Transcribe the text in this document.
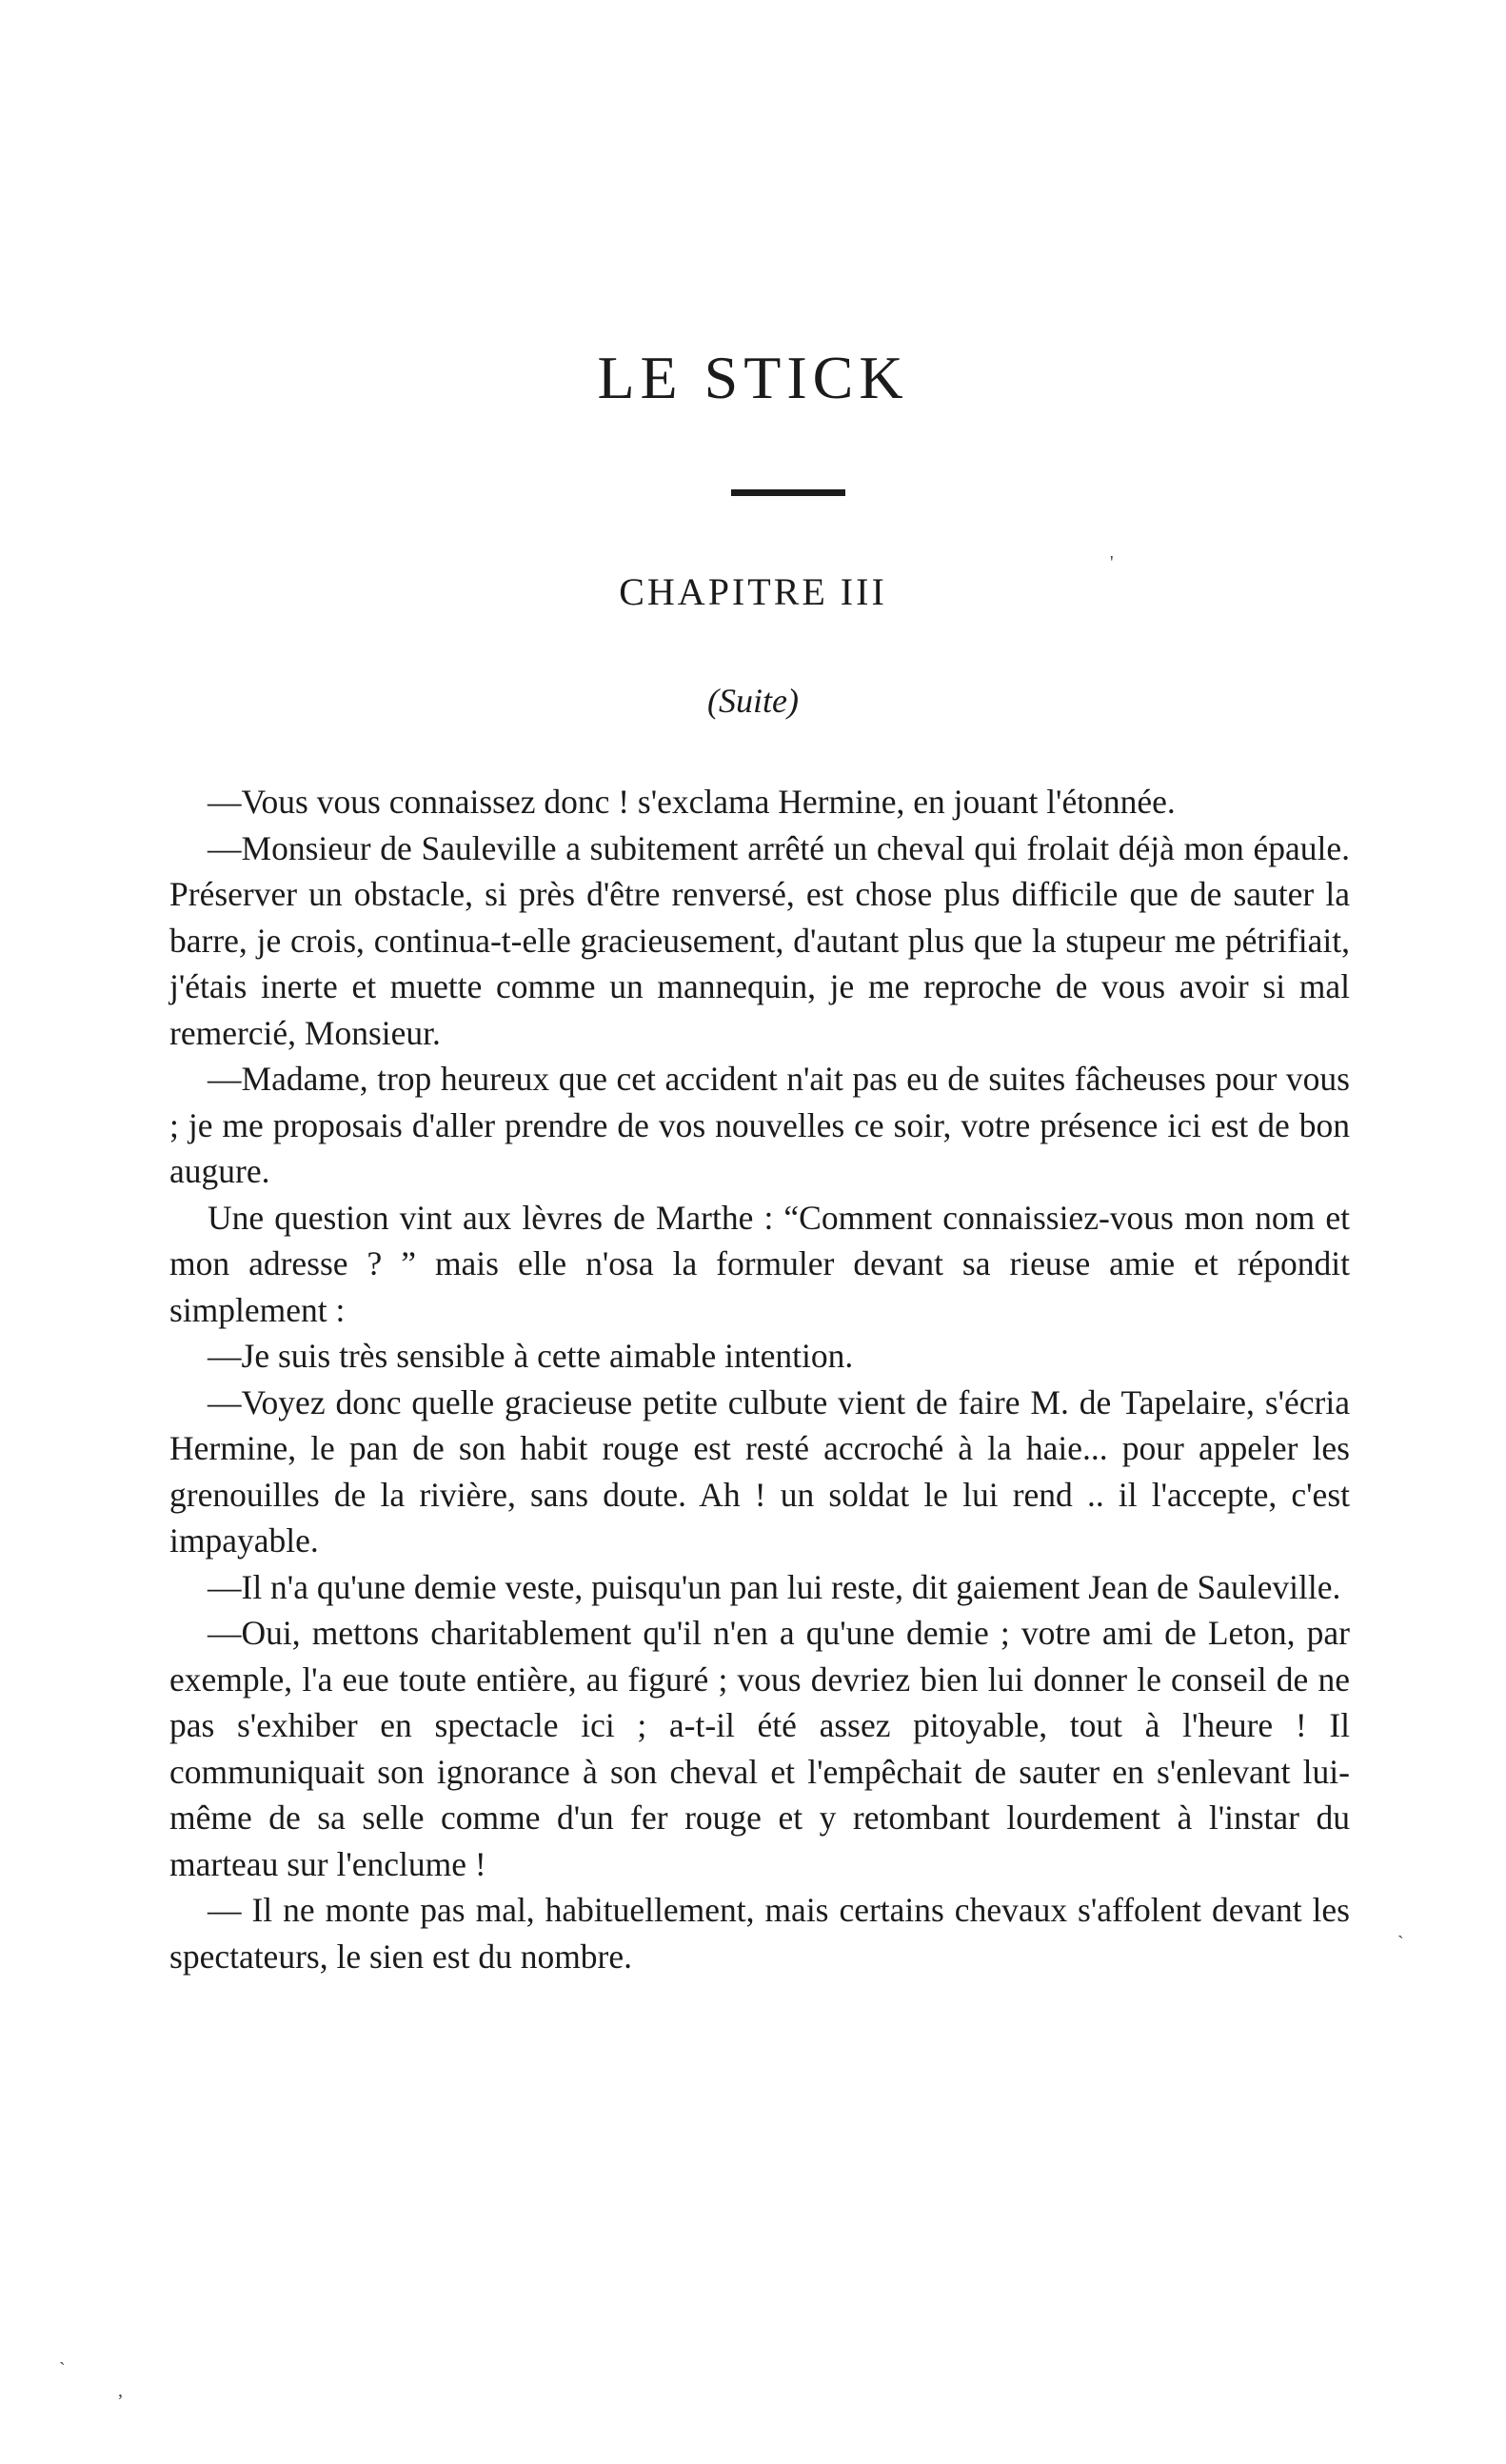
LE STICK
CHAPITRE III
(Suite)

—Vous vous connaissez donc ! s'exclama Hermine, en jouant l'étonnée.

—Monsieur de Sauleville a subitement arrêté un cheval qui frolait déjà mon épaule. Préserver un obstacle, si près d'être renversé, est chose plus difficile que de sauter la barre, je crois, continua-t-elle gracieusement, d'autant plus que la stupeur me pétrifiait, j'étais inerte et muette comme un mannequin, je me reproche de vous avoir si mal remercié, Monsieur.

—Madame, trop heureux que cet accident n'ait pas eu de suites fâcheuses pour vous ; je me proposais d'aller prendre de vos nouvelles ce soir, votre présence ici est de bon augure.

Une question vint aux lèvres de Marthe : “Comment connaissiez-vous mon nom et mon adresse ? ” mais elle n'osa la formuler devant sa rieuse amie et répondit simplement :

—Je suis très sensible à cette aimable intention.

—Voyez donc quelle gracieuse petite culbute vient de faire M. de Tapelaire, s'écria Hermine, le pan de son habit rouge est resté accroché à la haie... pour appeler les grenouilles de la rivière, sans doute. Ah ! un soldat le lui rend .. il l'accepte, c'est impayable.

—Il n'a qu'une demie veste, puisqu'un pan lui reste, dit gaiement Jean de Sauleville.

—Oui, mettons charitablement qu'il n'en a qu'une demie ; votre ami de Leton, par exemple, l'a eue toute entière, au figuré ; vous devriez bien lui donner le conseil de ne pas s'exhiber en spectacle ici ; a-t-il été assez pitoyable, tout à l'heure ! Il communiquait son ignorance à son cheval et l'empêchait de sauter en s'enlevant lui-même de sa selle comme d'un fer rouge et y retombant lourdement à l'instar du marteau sur l'enclume !

— Il ne monte pas mal, habituellement, mais certains chevaux s'affolent devant les spectateurs, le sien est du nombre.

'
`
`
,
